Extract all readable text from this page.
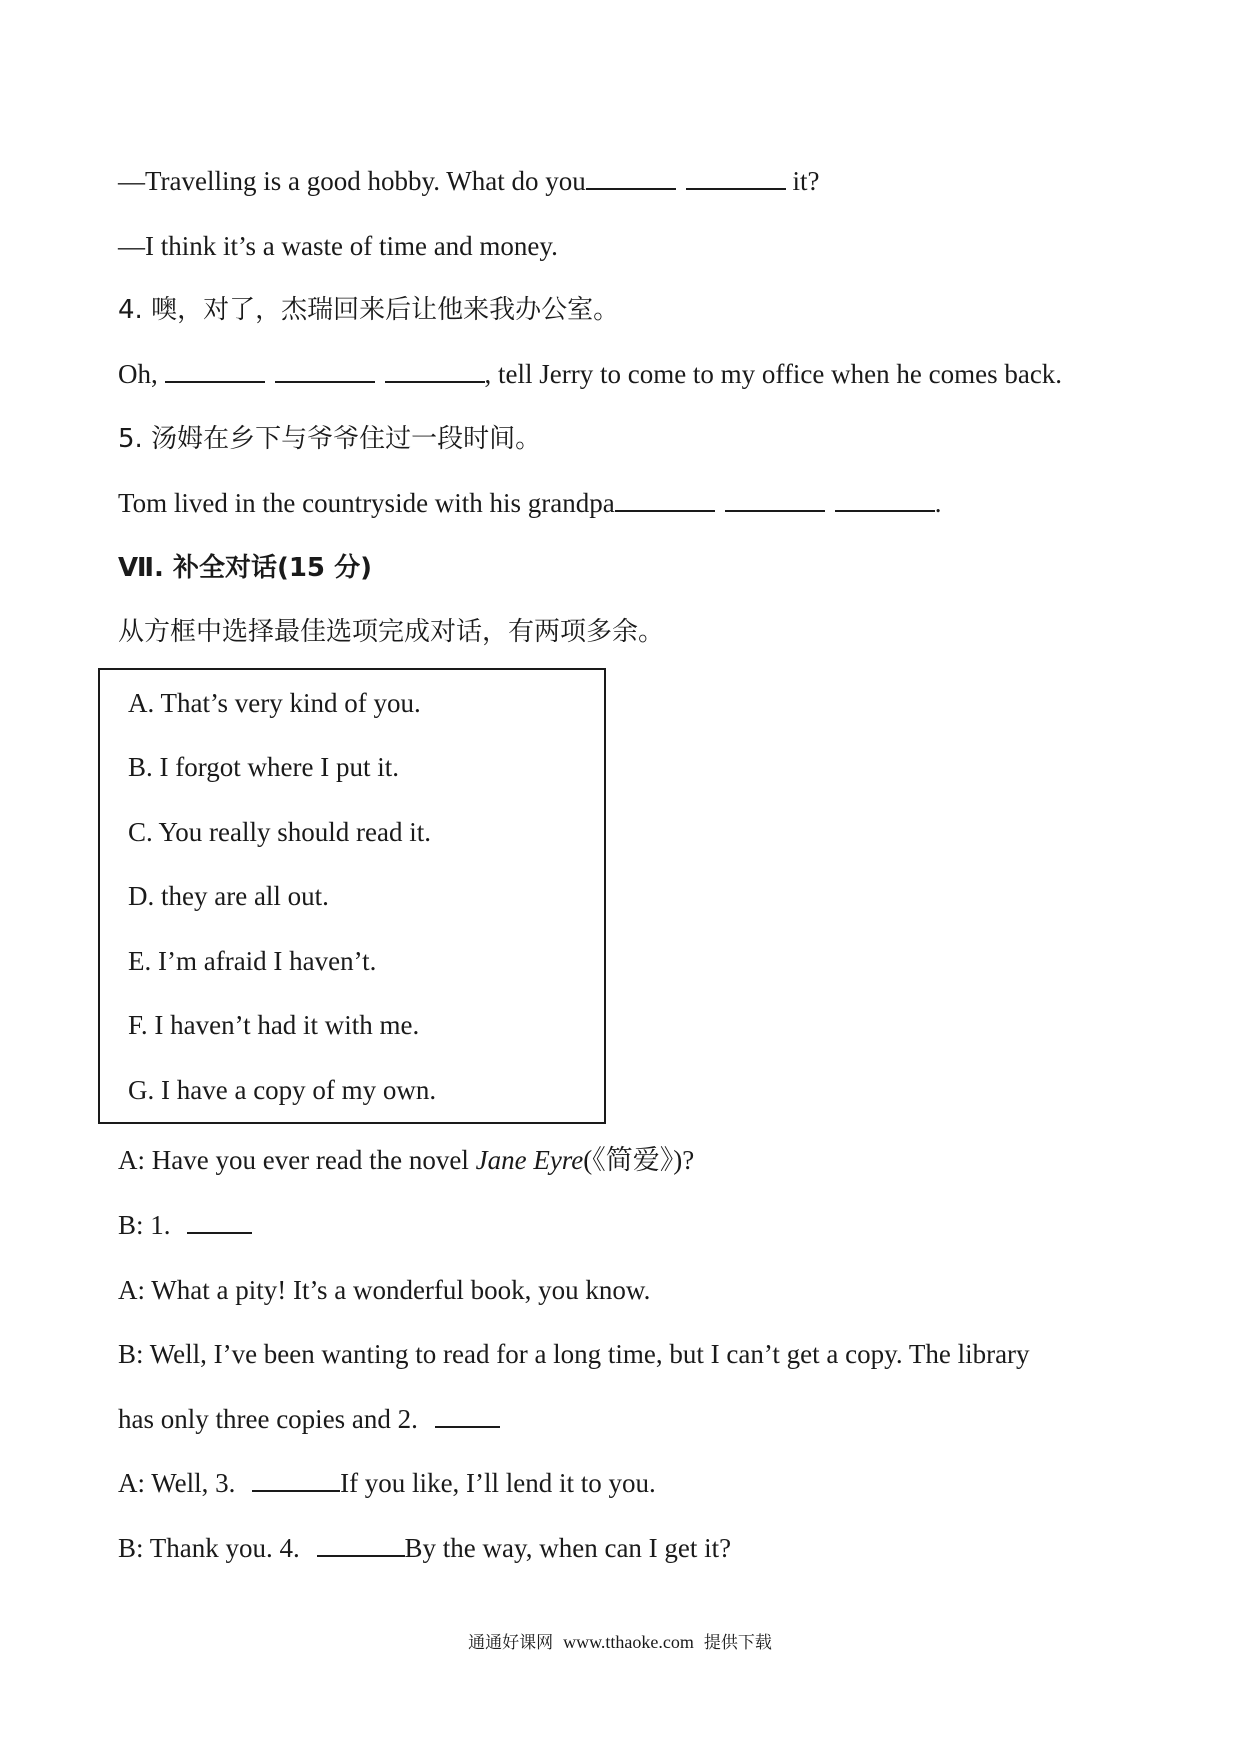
—Travelling is a good hobby. What do you	it?
—I think it’s a waste of time and money.
4. 噢，对了，杰瑞回来后让他来我办公室。
Oh,	, tell Jerry to come to my office when he comes back.
5. 汤姆在乡下与爷爷住过一段时间。
Tom lived in the countryside with his grandpa	.
Ⅶ. 补全对话(15 分)
从方框中选择最佳选项完成对话，有两项多余。
A. That’s very kind of you.
B. I forgot where I put it.
C. You really should read it.
D. they are all out.
E. I’m afraid I haven’t.
F. I haven’t had it with me.
G. I have a copy of my own.
A: Have you ever read the novel Jane Eyre(《简爱》)?
B: 1.
A: What a pity! It’s a wonderful book, you know.
B: Well, I’ve been wanting to read for a long time, but I can’t get a copy. The library
has only three copies and 2.
A: Well, 3.	If you like, I’ll lend it to you.
B: Thank you. 4.	By the way, when can I get it?
通通好课网 www.tthaoke.com 提供下载
